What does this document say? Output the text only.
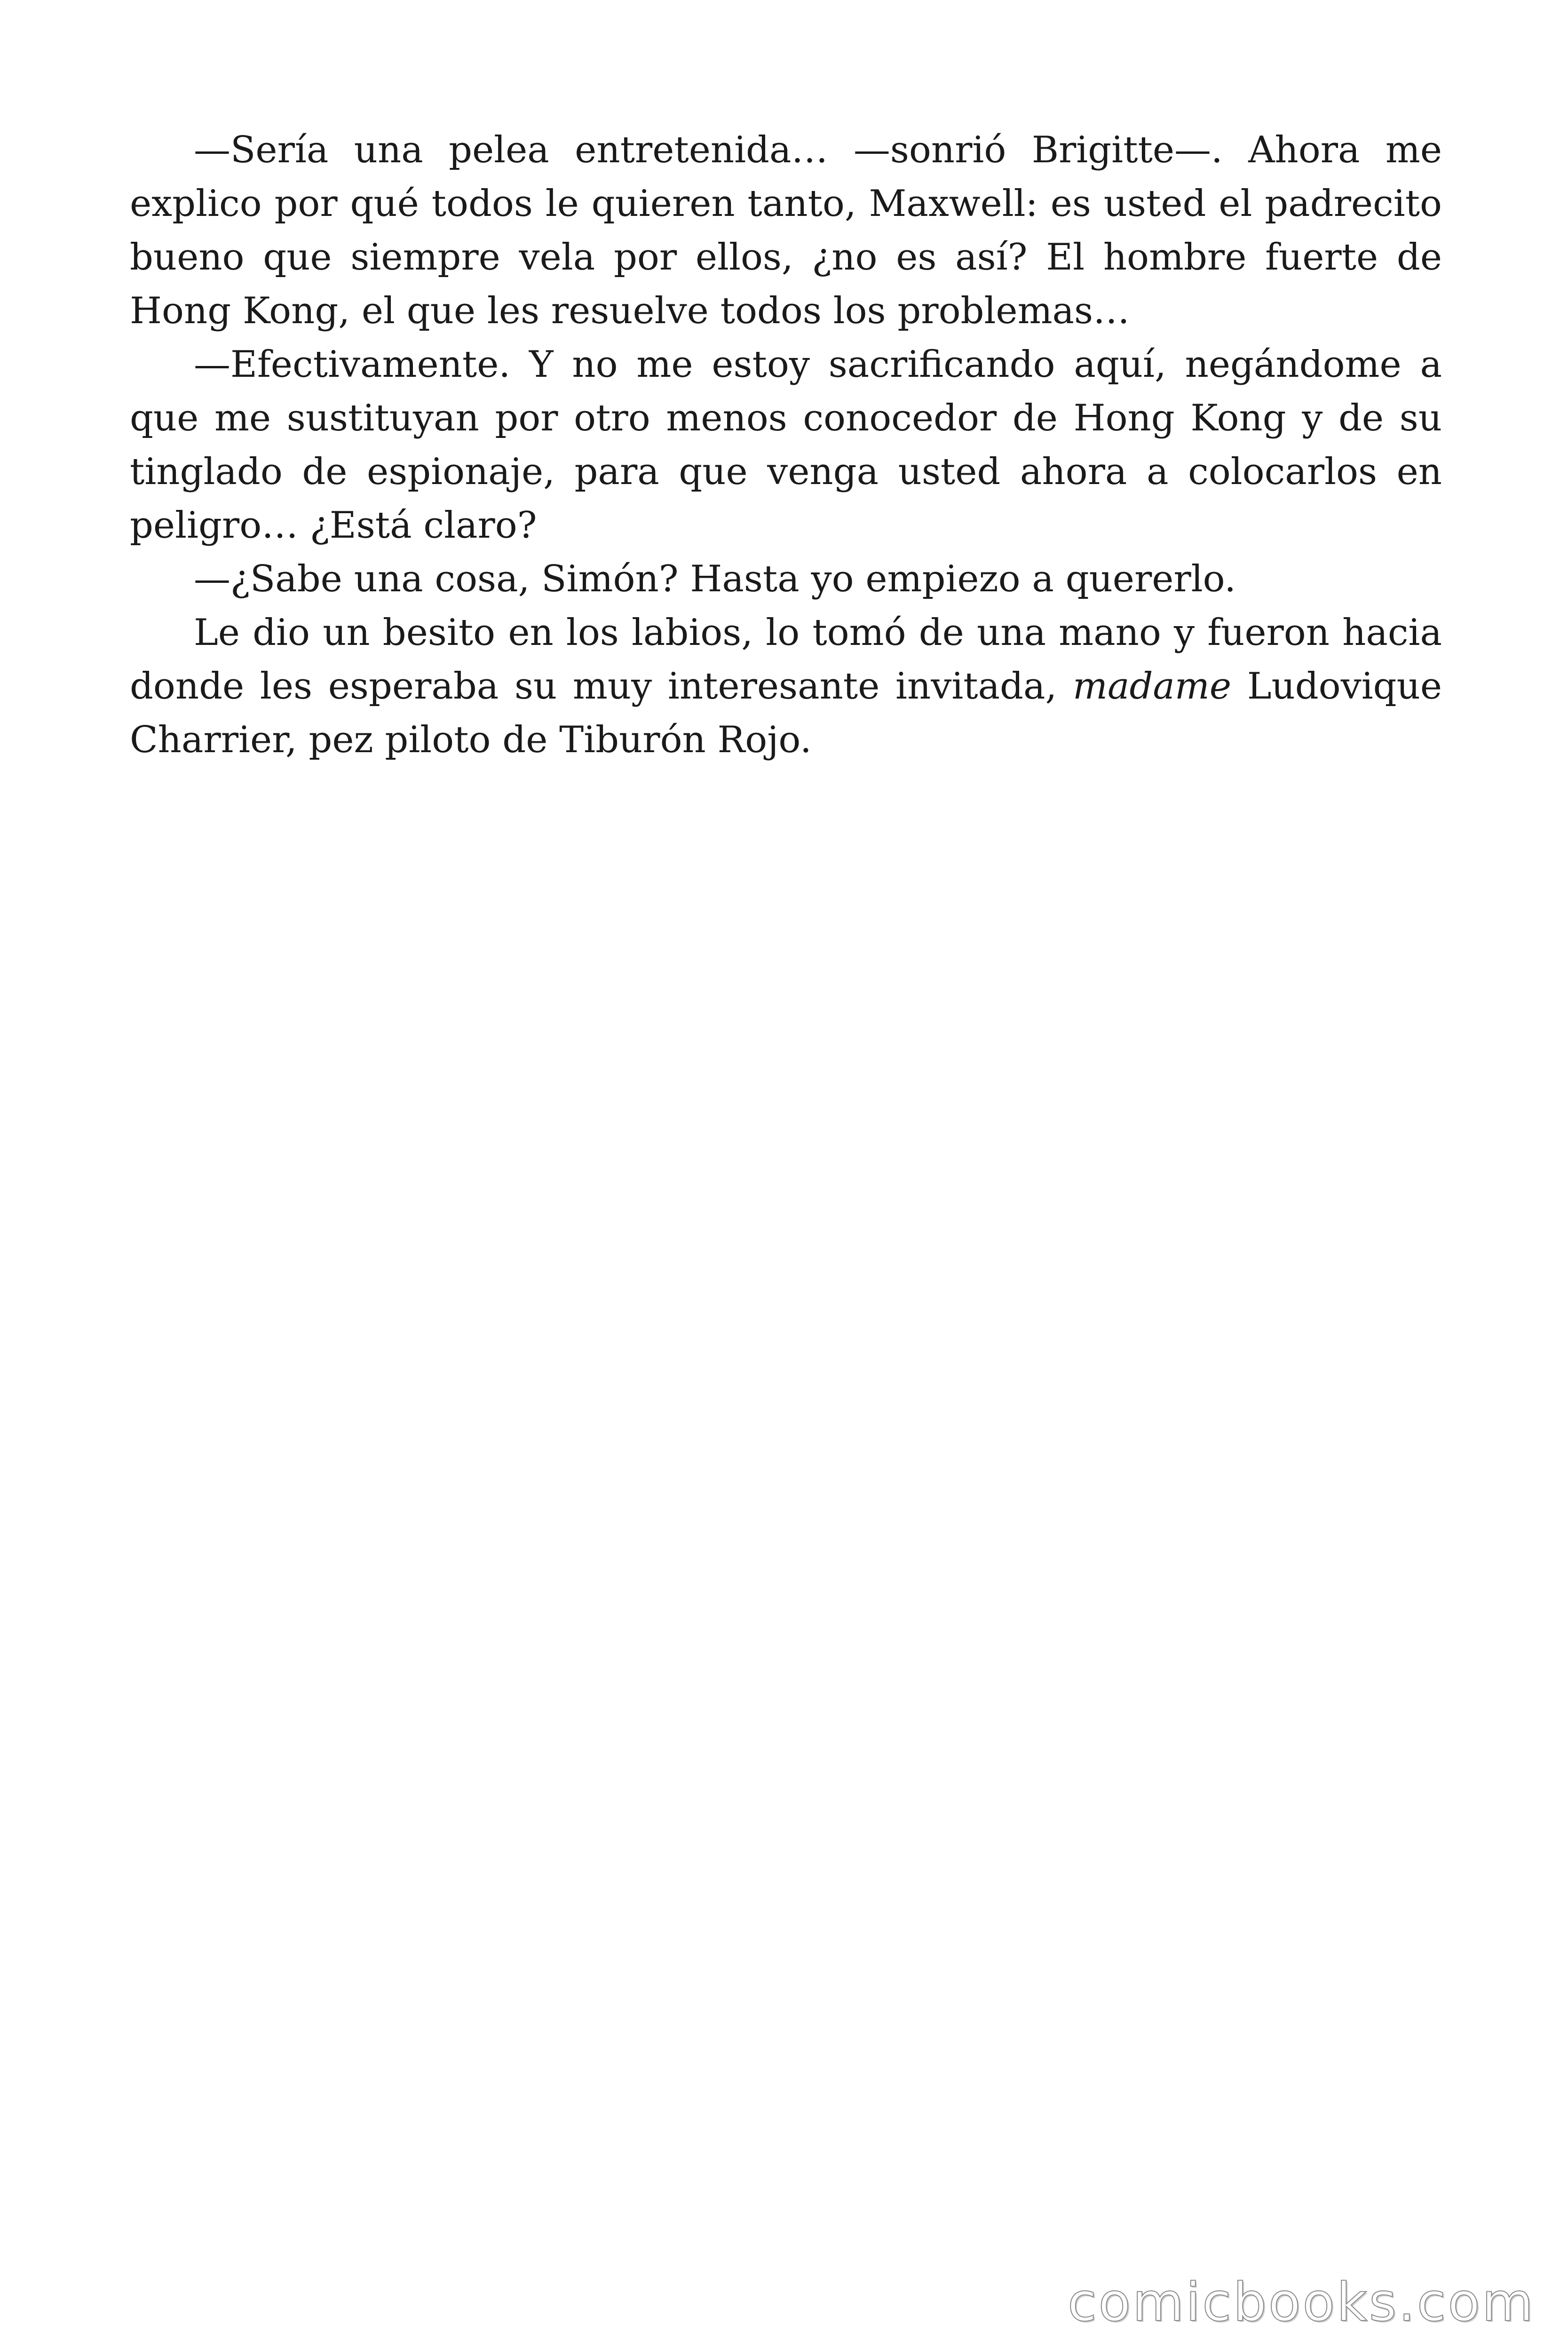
—Sería una pelea entretenida… —sonrió Brigitte—. Ahora me explico por qué todos le quieren tanto, Maxwell: es usted el padrecito bueno que siempre vela por ellos, ¿no es así? El hombre fuerte de Hong Kong, el que les resuelve todos los problemas…

—Efectivamente. Y no me estoy sacrificando aquí, negándome a que me sustituyan por otro menos conocedor de Hong Kong y de su tinglado de espionaje, para que venga usted ahora a colocarlos en peligro… ¿Está claro?

—¿Sabe una cosa, Simón? Hasta yo empiezo a quererlo.

Le dio un besito en los labios, lo tomó de una mano y fueron hacia donde les esperaba su muy interesante invitada, madame Ludovique Charrier, pez piloto de Tiburón Rojo.

comicbooks.com
